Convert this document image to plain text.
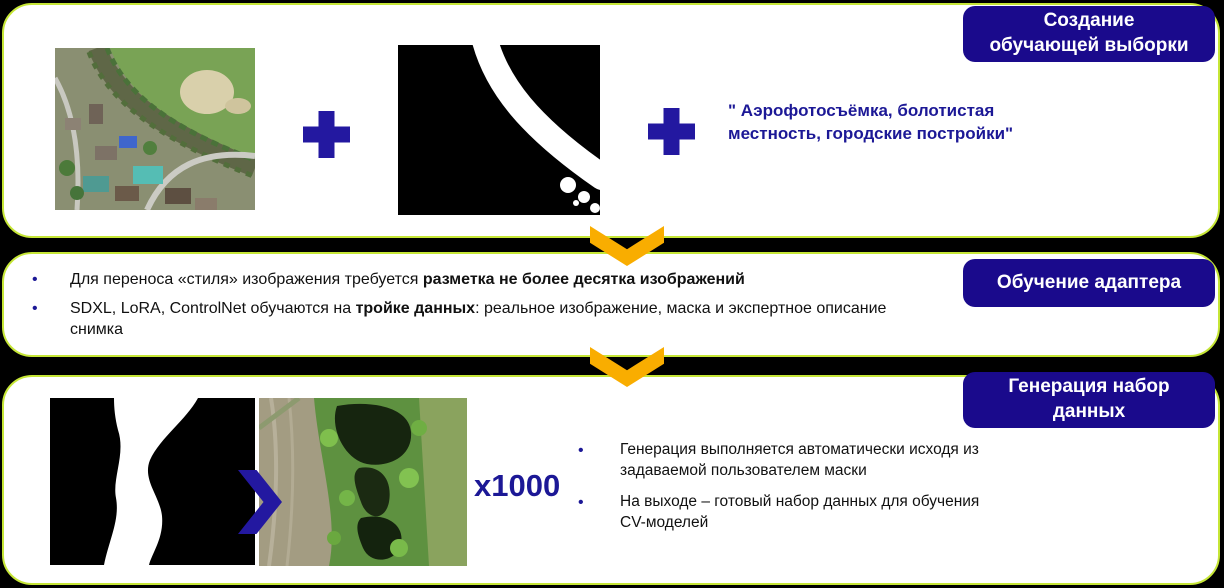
" Аэрофотосъёмка, болотистая местность, городские постройки"
Создание обучающей выборки
Обучение адаптера
Генерация набор данных
•	Для переноса «стиля» изображения требуется разметка не более десятка изображений
•	SDXL, LoRA, ControlNet обучаются на тройке данных: реальное изображение, маска и экспертное описание снимка
x1000
•	Генерация выполняется автоматически исходя из задаваемой пользователем маски
•	На выходе – готовый набор данных для обучения CV-моделей
